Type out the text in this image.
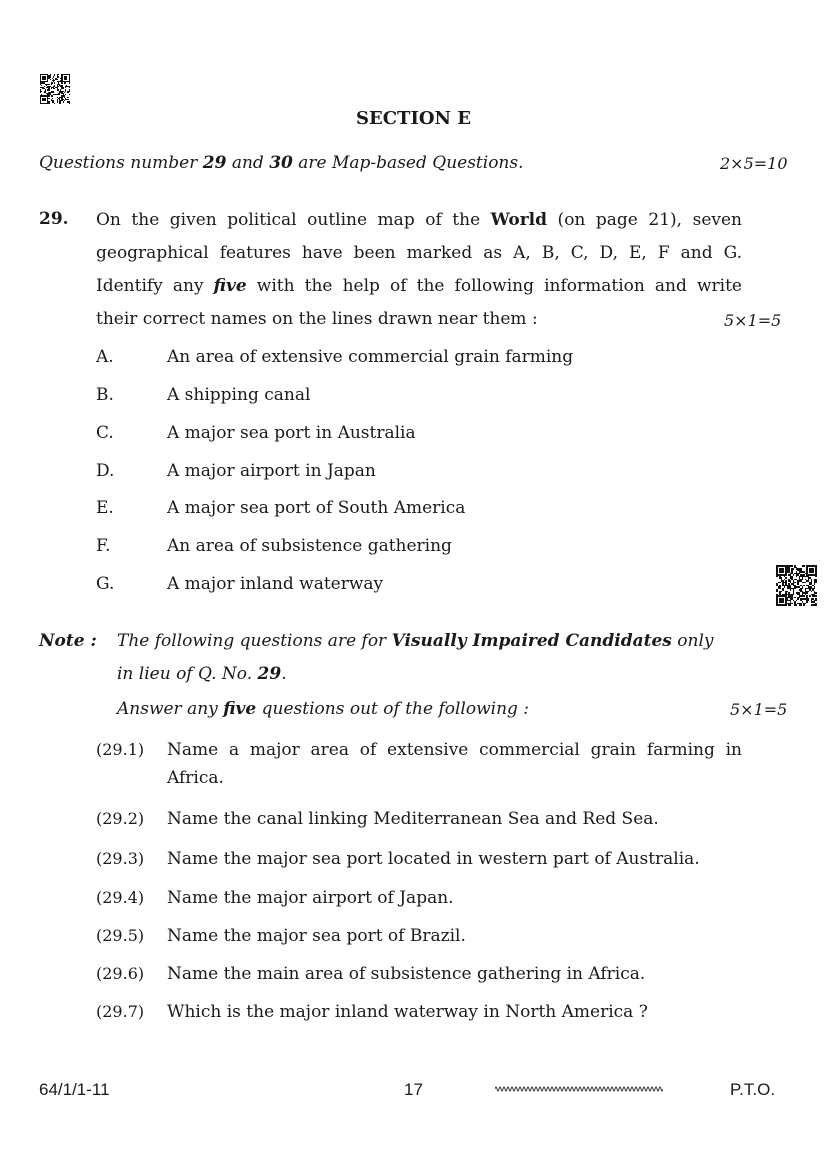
SECTION E
Questions number 29 and 30 are Map-based Questions.	2×5=10
29. On the given political outline map of the World (on page 21), seven
geographical features have been marked as A, B, C, D, E, F and G.
Identify any five with the help of the following information and write
their correct names on the lines drawn near them :	5×1=5
A.	An area of extensive commercial grain farming
B.	A shipping canal
C.	A major sea port in Australia
D.	A major airport in Japan
E.	A major sea port of South America
F.	An area of subsistence gathering
G.	A major inland waterway
Note : The following questions are for Visually Impaired Candidates only
in lieu of Q. No. 29.
Answer any five questions out of the following :	5×1=5
(29.1) Name a major area of extensive commercial grain farming in Africa.
(29.2) Name the canal linking Mediterranean Sea and Red Sea.
(29.3) Name the major sea port located in western part of Australia.
(29.4) Name the major airport of Japan.
(29.5) Name the major sea port of Brazil.
(29.6) Name the main area of subsistence gathering in Africa.
(29.7) Which is the major inland waterway in North America ?
64/1/1-11	17	P.T.O.
